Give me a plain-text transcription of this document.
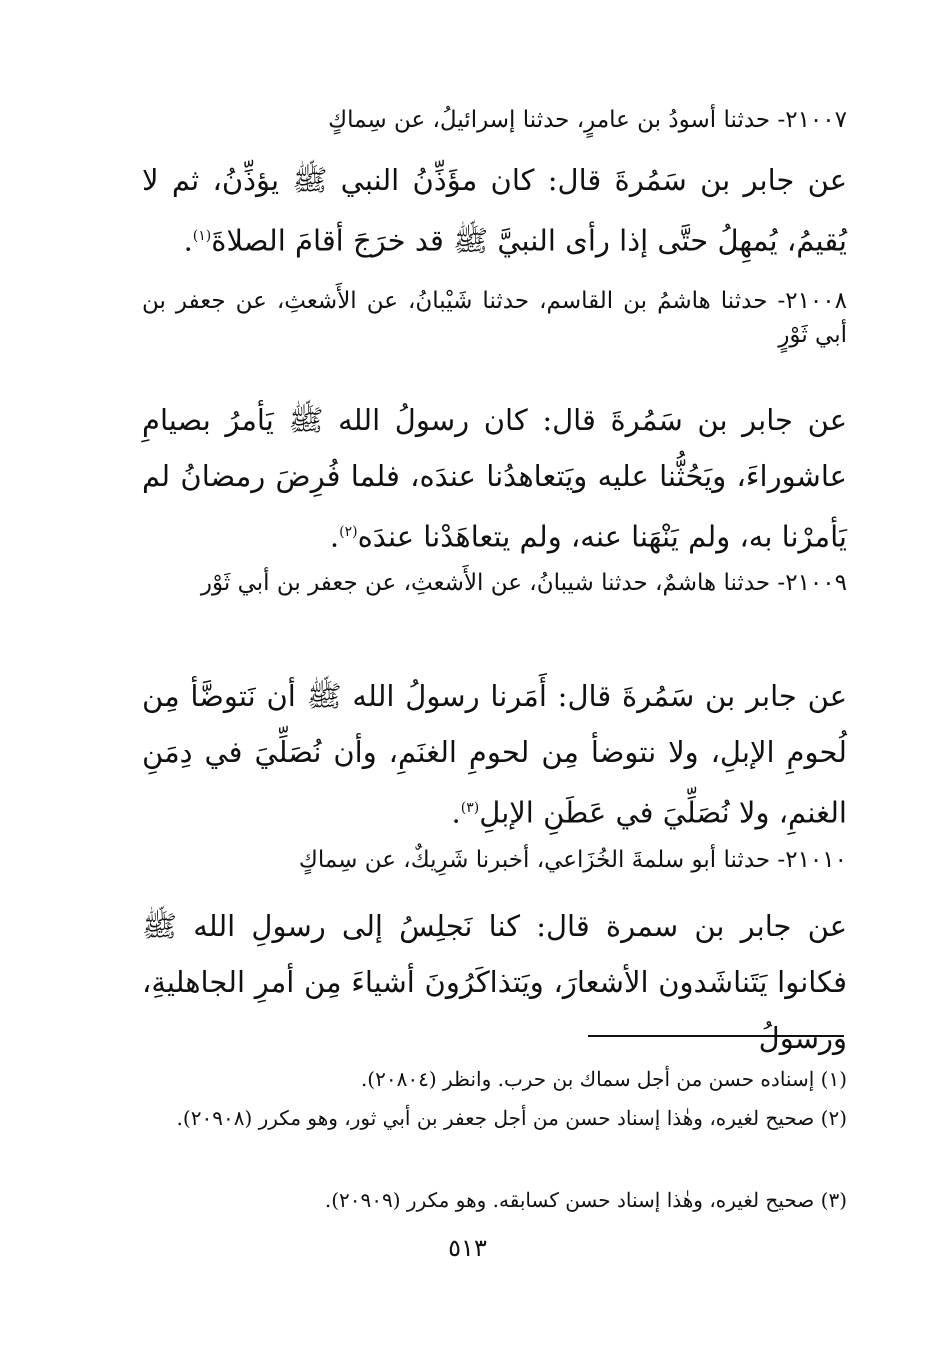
٢١٠٠٧- حدثنا أسودُ بن عامرٍ، حدثنا إسرائيلُ، عن سِماكٍ
عن جابر بن سَمُرةَ قال: كان مؤَذِّنُ النبي ﷺ يؤذِّنُ، ثم لا يُقيمُ، يُمهِلُ حتَّى إذا رأى النبيَّ ﷺ قد خرَجَ أقامَ الصلاةَ$^{(١)}$.
٢١٠٠٨- حدثنا هاشمُ بن القاسم، حدثنا شَيْبانُ، عن الأَشعثِ، عن جعفر بن أبي ثَوْرٍ
عن جابر بن سَمُرةَ قال: كان رسولُ الله ﷺ يَأمرُ بصيامِ عاشوراءَ، ويَحُثُّنا عليه ويَتعاهدُنا عندَه، فلما فُرِضَ رمضانُ لم يَأمرْنا به، ولم يَنْهَنا عنه، ولم يتعاهَدْنا عندَه$^{(٢)}$.
٢١٠٠٩- حدثنا هاشمٌ، حدثنا شيبانُ، عن الأَشعثِ، عن جعفر بن أبي ثَوْر
عن جابر بن سَمُرةَ قال: أَمَرنا رسولُ الله ﷺ أن نَتوضَّأ مِن لُحومِ الإبلِ، ولا نتوضأ مِن لحومِ الغنَمِ، وأن نُصَلِّيَ في دِمَنِ الغنمِ، ولا نُصَلِّيَ في عَطَنِ الإبلِ$^{(٣)}$.
٢١٠١٠- حدثنا أبو سلمةَ الخُزَاعي، أخبرنا شَرِيكٌ، عن سِماكٍ
عن جابر بن سمرة قال: كنا نَجلِسُ إلى رسولِ الله ﷺ فكانوا يَتَناشَدون الأشعارَ، ويَتذاكَرُونَ أشياءَ مِن أمرِ الجاهليةِ، ورسولُ
(١) إسناده حسن من أجل سماك بن حرب. وانظر (٢٠٨٠٤).
(٢) صحيح لغيره، وهٰذا إسناد حسن من أجل جعفر بن أبي ثور، وهو مكرر (٢٠٩٠٨).
(٣) صحيح لغيره، وهٰذا إسناد حسن كسابقه. وهو مكرر (٢٠٩٠٩).
٥١٣
